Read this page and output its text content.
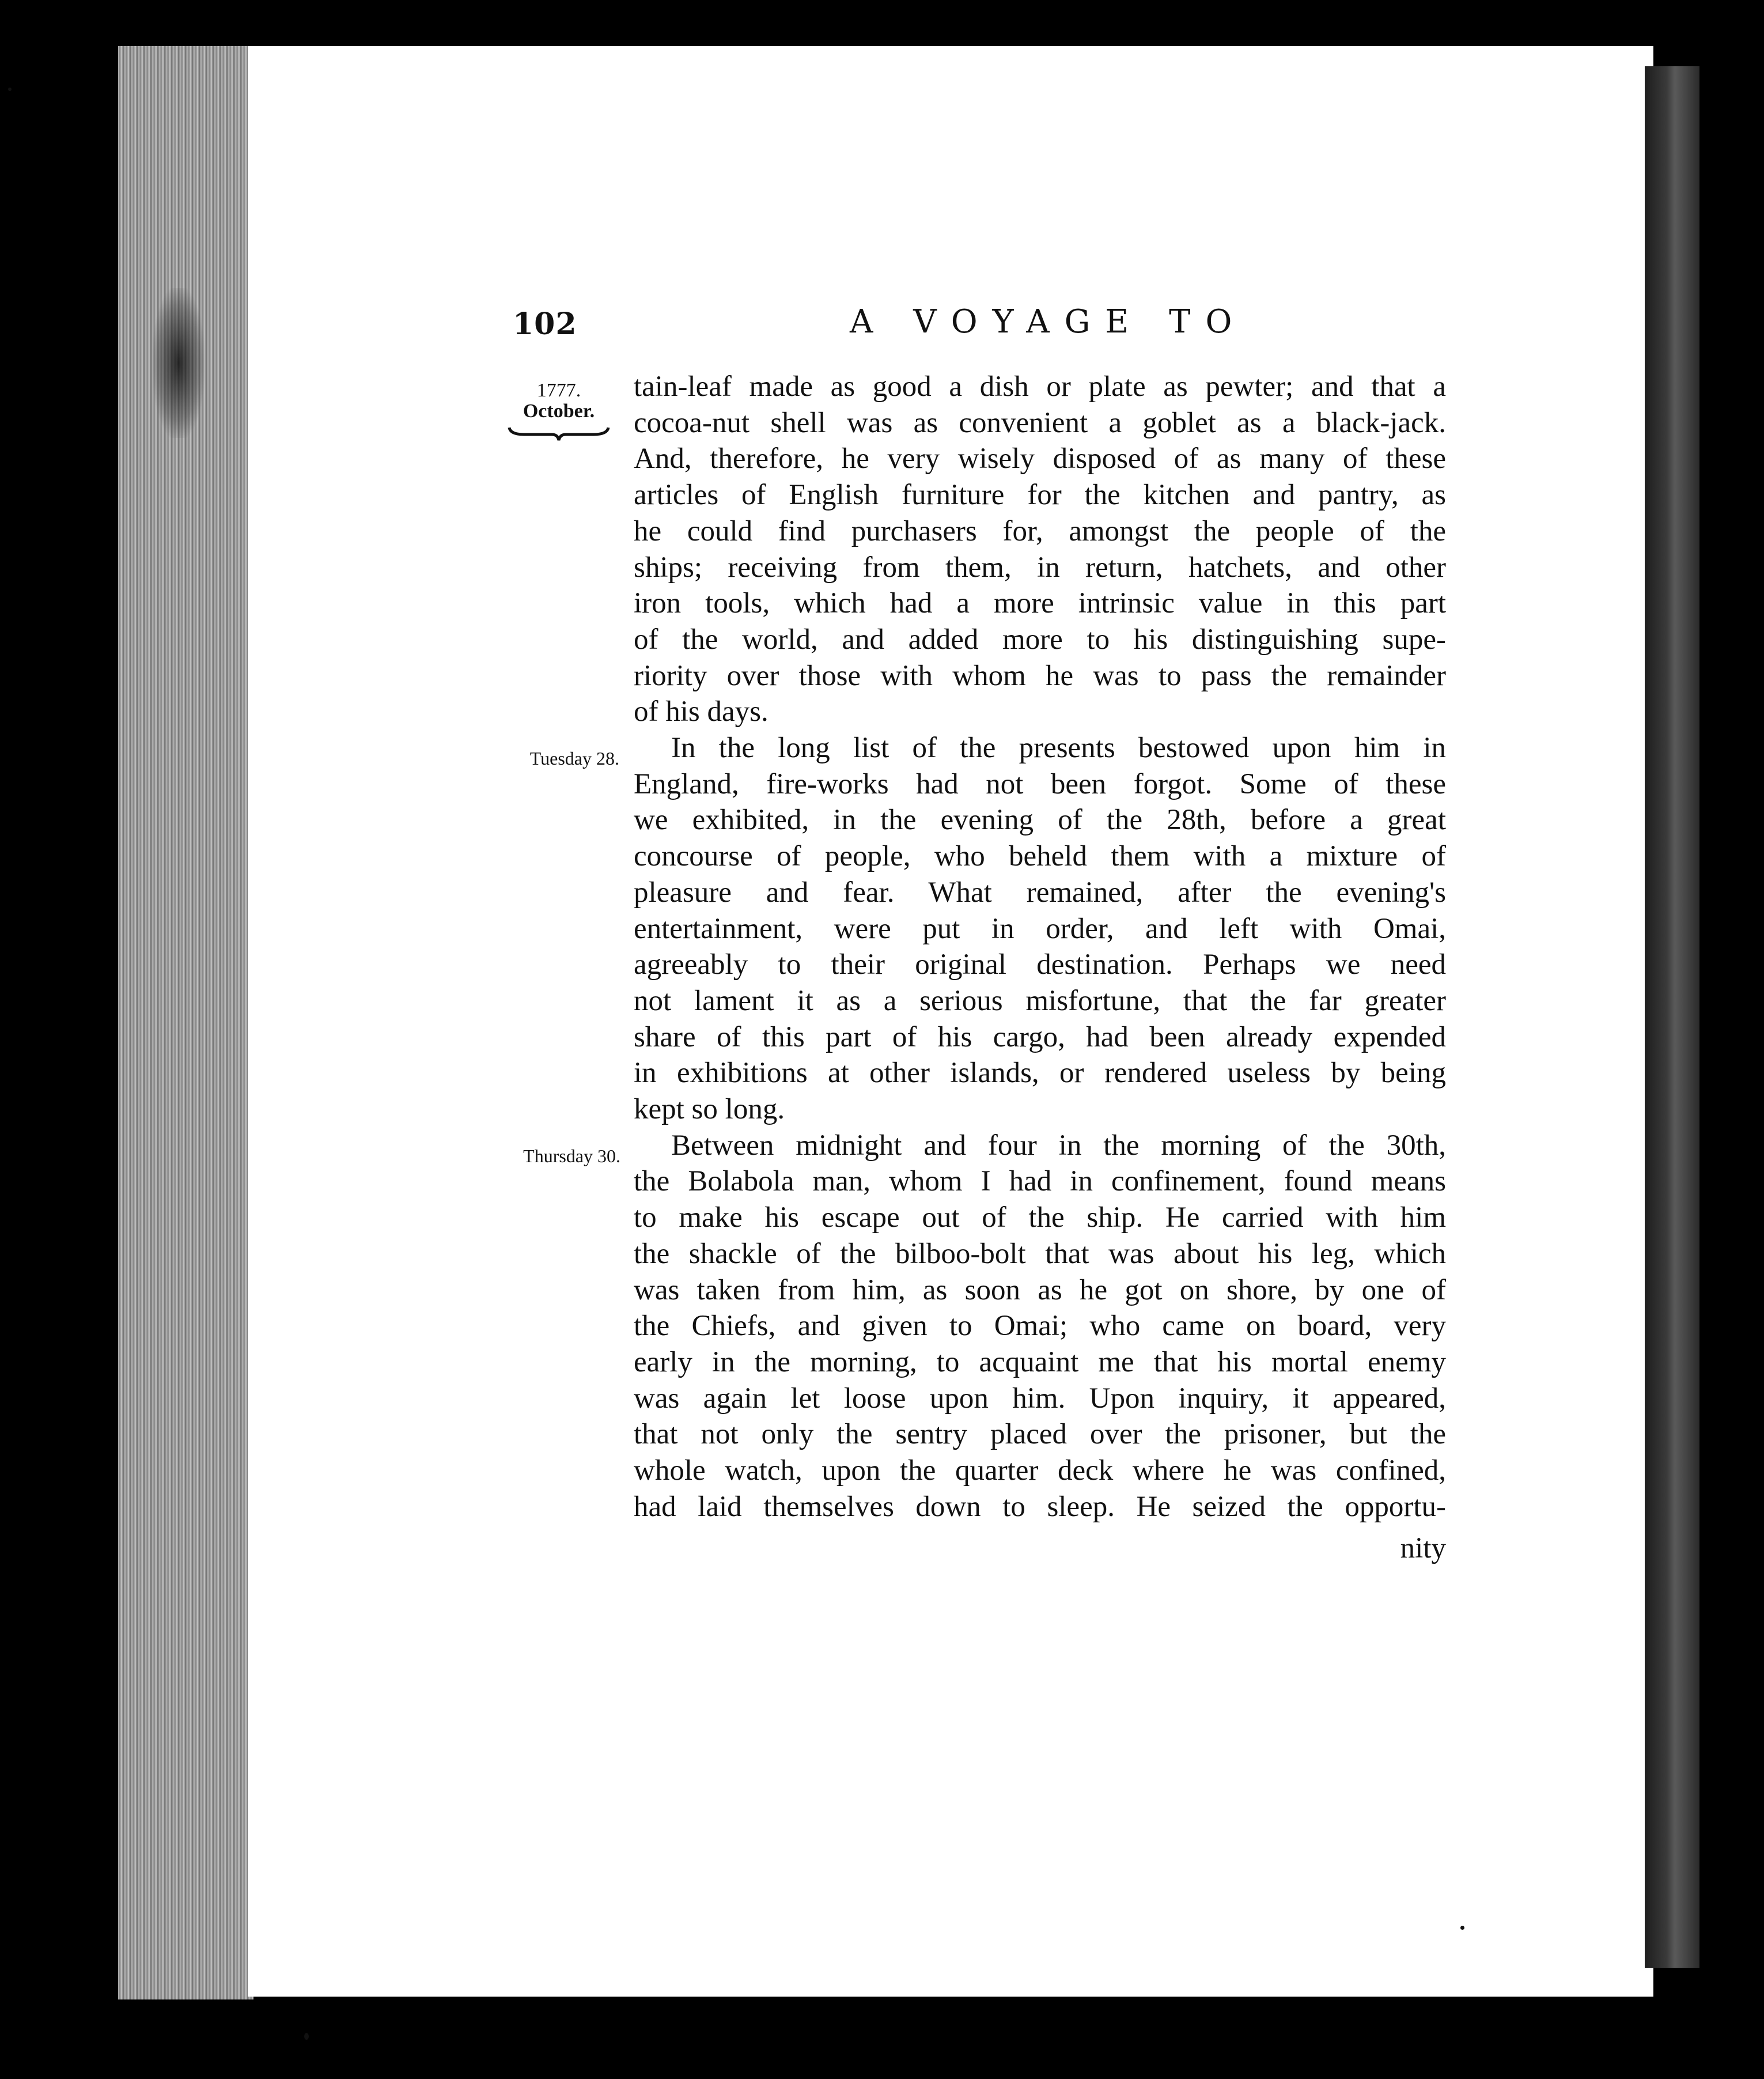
102	A VOYAGE TO
1777.
October.
Tuesday 28.
Thursday 30.
tain-leaf made as good a dish or plate as pewter; and that a
cocoa-nut shell was as convenient a goblet as a black-jack.
And, therefore, he very wisely disposed of as many of these
articles of English furniture for the kitchen and pantry, as
he could find purchasers for, amongst the people of the
ships; receiving from them, in return, hatchets, and other
iron tools, which had a more intrinsic value in this part
of the world, and added more to his distinguishing supe-
riority over those with whom he was to pass the remainder
of his days.
In the long list of the presents bestowed upon him in
England, fire-works had not been forgot. Some of these
we exhibited, in the evening of the 28th, before a great
concourse of people, who beheld them with a mixture of
pleasure and fear. What remained, after the evening's
entertainment, were put in order, and left with Omai,
agreeably to their original destination. Perhaps we need
not lament it as a serious misfortune, that the far greater
share of this part of his cargo, had been already expended
in exhibitions at other islands, or rendered useless by being
kept so long.
Between midnight and four in the morning of the 30th,
the Bolabola man, whom I had in confinement, found means
to make his escape out of the ship. He carried with him
the shackle of the bilboo-bolt that was about his leg, which
was taken from him, as soon as he got on shore, by one of
the Chiefs, and given to Omai; who came on board, very
early in the morning, to acquaint me that his mortal enemy
was again let loose upon him. Upon inquiry, it appeared,
that not only the sentry placed over the prisoner, but the
whole watch, upon the quarter deck where he was confined,
had laid themselves down to sleep. He seized the opportu-
nity
